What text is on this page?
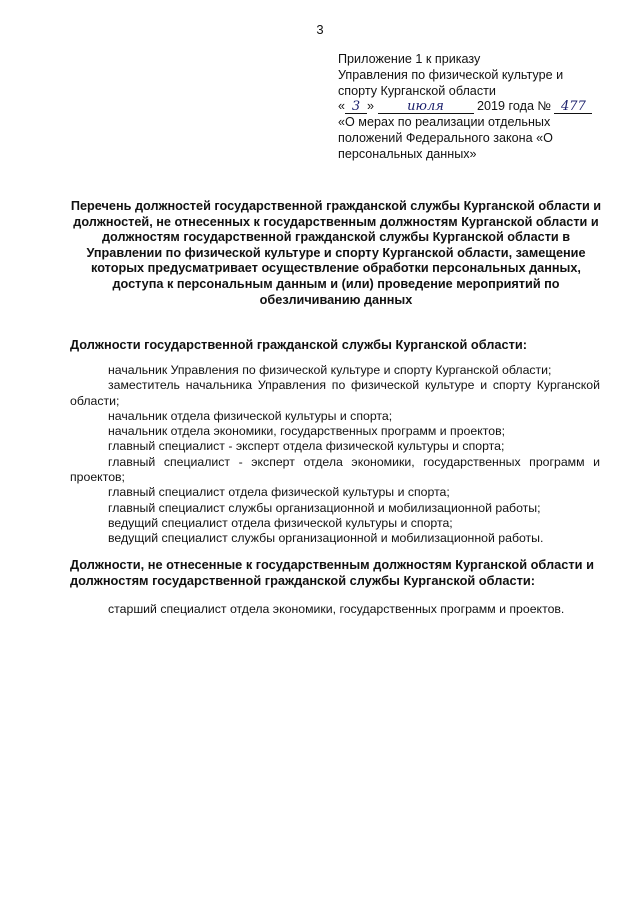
3
Приложение 1 к приказу
Управления по физической культуре и
спорту Курганской области
« 3 »	июля	2019 года № 477
«О мерах по реализации отдельных
положений Федерального закона «О
персональных данных»
Перечень должностей государственной гражданской службы Курганской области и должностей, не отнесенных к государственным должностям Курганской области и должностям государственной гражданской службы Курганской области в Управлении по физической культуре и спорту Курганской области, замещение которых предусматривает осуществление обработки персональных данных, доступа к персональным данным и (или) проведение мероприятий по обезличиванию данных
Должности государственной гражданской службы Курганской области:
начальник Управления по физической культуре и спорту Курганской области;
заместитель начальника Управления по физической культуре и спорту Курганской области;
начальник отдела физической культуры и спорта;
начальник отдела экономики, государственных программ и проектов;
главный специалист - эксперт отдела физической культуры и спорта;
главный специалист - эксперт отдела экономики, государственных программ и проектов;
главный специалист отдела физической культуры и спорта;
главный специалист службы организационной и мобилизационной работы;
ведущий специалист отдела физической культуры и спорта;
ведущий специалист службы организационной и мобилизационной работы.
Должности, не отнесенные к государственным должностям Курганской области и должностям государственной гражданской службы Курганской области:
старший специалист отдела экономики, государственных программ и проектов.
